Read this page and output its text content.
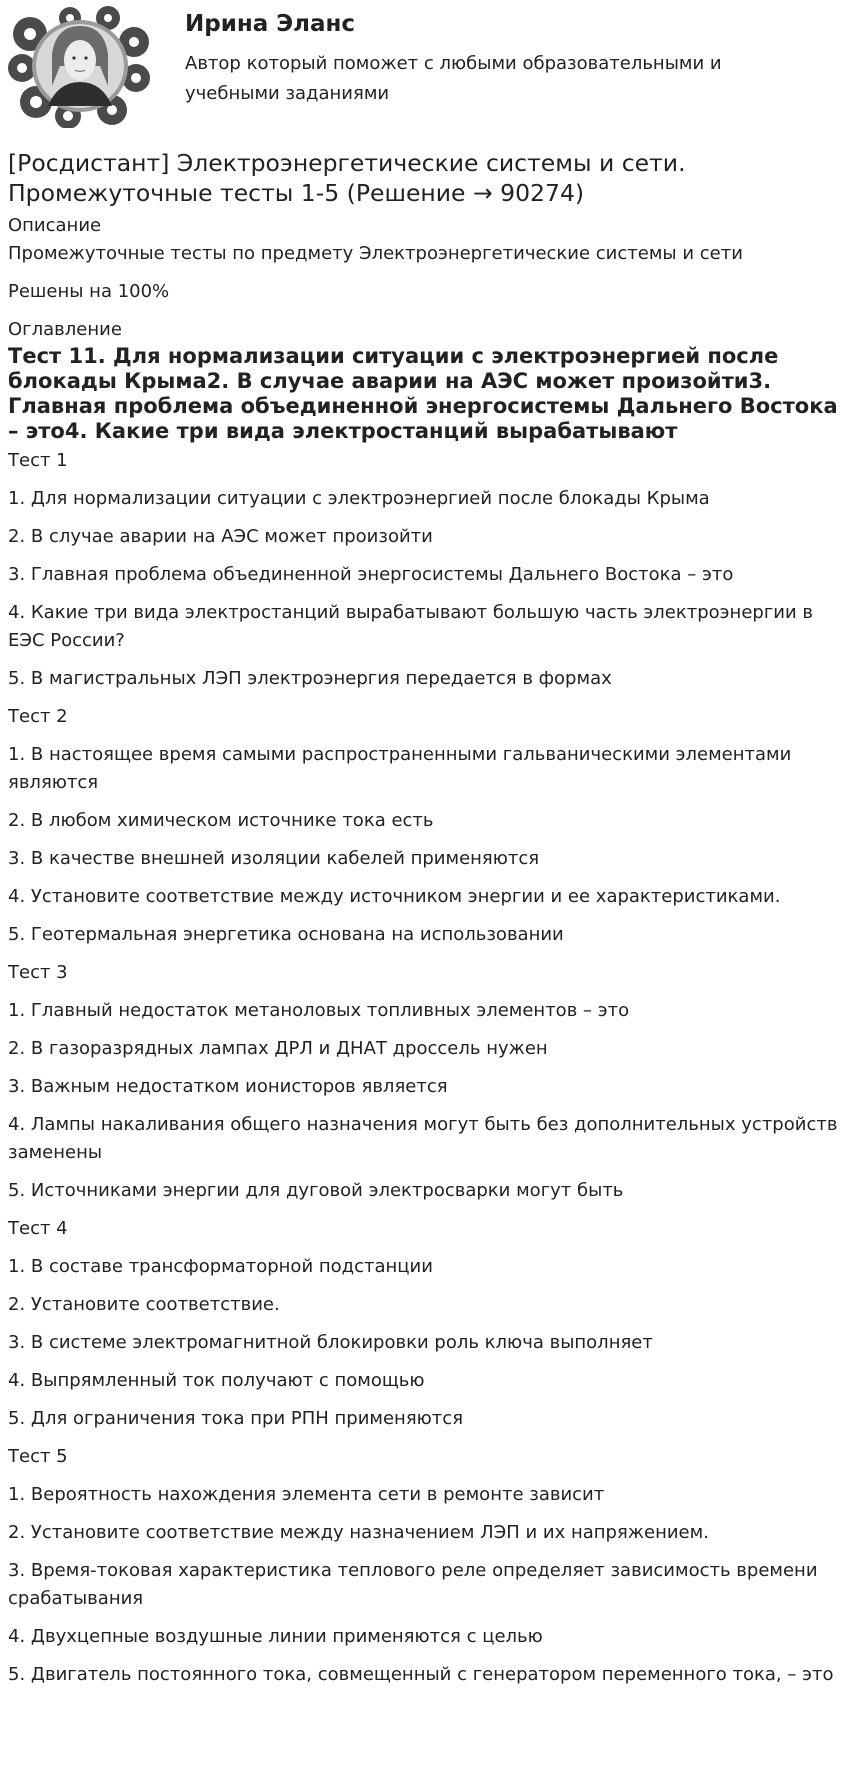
Ирина Эланс
Автор который поможет с любыми образовательными и учебными заданиями
[Росдистант] Электроэнергетические системы и сети. Промежуточные тесты 1-5 (Решение → 90274)
Описание
Промежуточные тесты по предмету Электроэнергетические системы и сети
Решены на 100%
Оглавление
Тест 11. Для нормализации ситуации с электроэнергией после блокады Крыма2. В случае аварии на АЭС может произойти3. Главная проблема объединенной энергосистемы Дальнего Востока – это4. Какие три вида электростанций вырабатывают
Тест 1
1. Для нормализации ситуации с электроэнергией после блокады Крыма
2. В случае аварии на АЭС может произойти
3. Главная проблема объединенной энергосистемы Дальнего Востока – это
4. Какие три вида электростанций вырабатывают большую часть электроэнергии в ЕЭС России?
5. В магистральных ЛЭП электроэнергия передается в формах
Тест 2
1. В настоящее время самыми распространенными гальваническими элементами являются
2. В любом химическом источнике тока есть
3. В качестве внешней изоляции кабелей применяются
4. Установите соответствие между источником энергии и ее характеристиками.
5. Геотермальная энергетика основана на использовании
Тест 3
1. Главный недостаток метаноловых топливных элементов – это
2. В газоразрядных лампах ДРЛ и ДНАТ дроссель нужен
3. Важным недостатком ионисторов является
4. Лампы накаливания общего назначения могут быть без дополнительных устройств заменены
5. Источниками энергии для дуговой электросварки могут быть
Тест 4
1. В составе трансформаторной подстанции
2. Установите соответствие.
3. В системе электромагнитной блокировки роль ключа выполняет
4. Выпрямленный ток получают с помощью
5. Для ограничения тока при РПН применяются
Тест 5
1. Вероятность нахождения элемента сети в ремонте зависит
2. Установите соответствие между назначением ЛЭП и их напряжением.
3. Время-токовая характеристика теплового реле определяет зависимость времени срабатывания
4. Двухцепные воздушные линии применяются с целью
5. Двигатель постоянного тока, совмещенный с генератором переменного тока, – это
